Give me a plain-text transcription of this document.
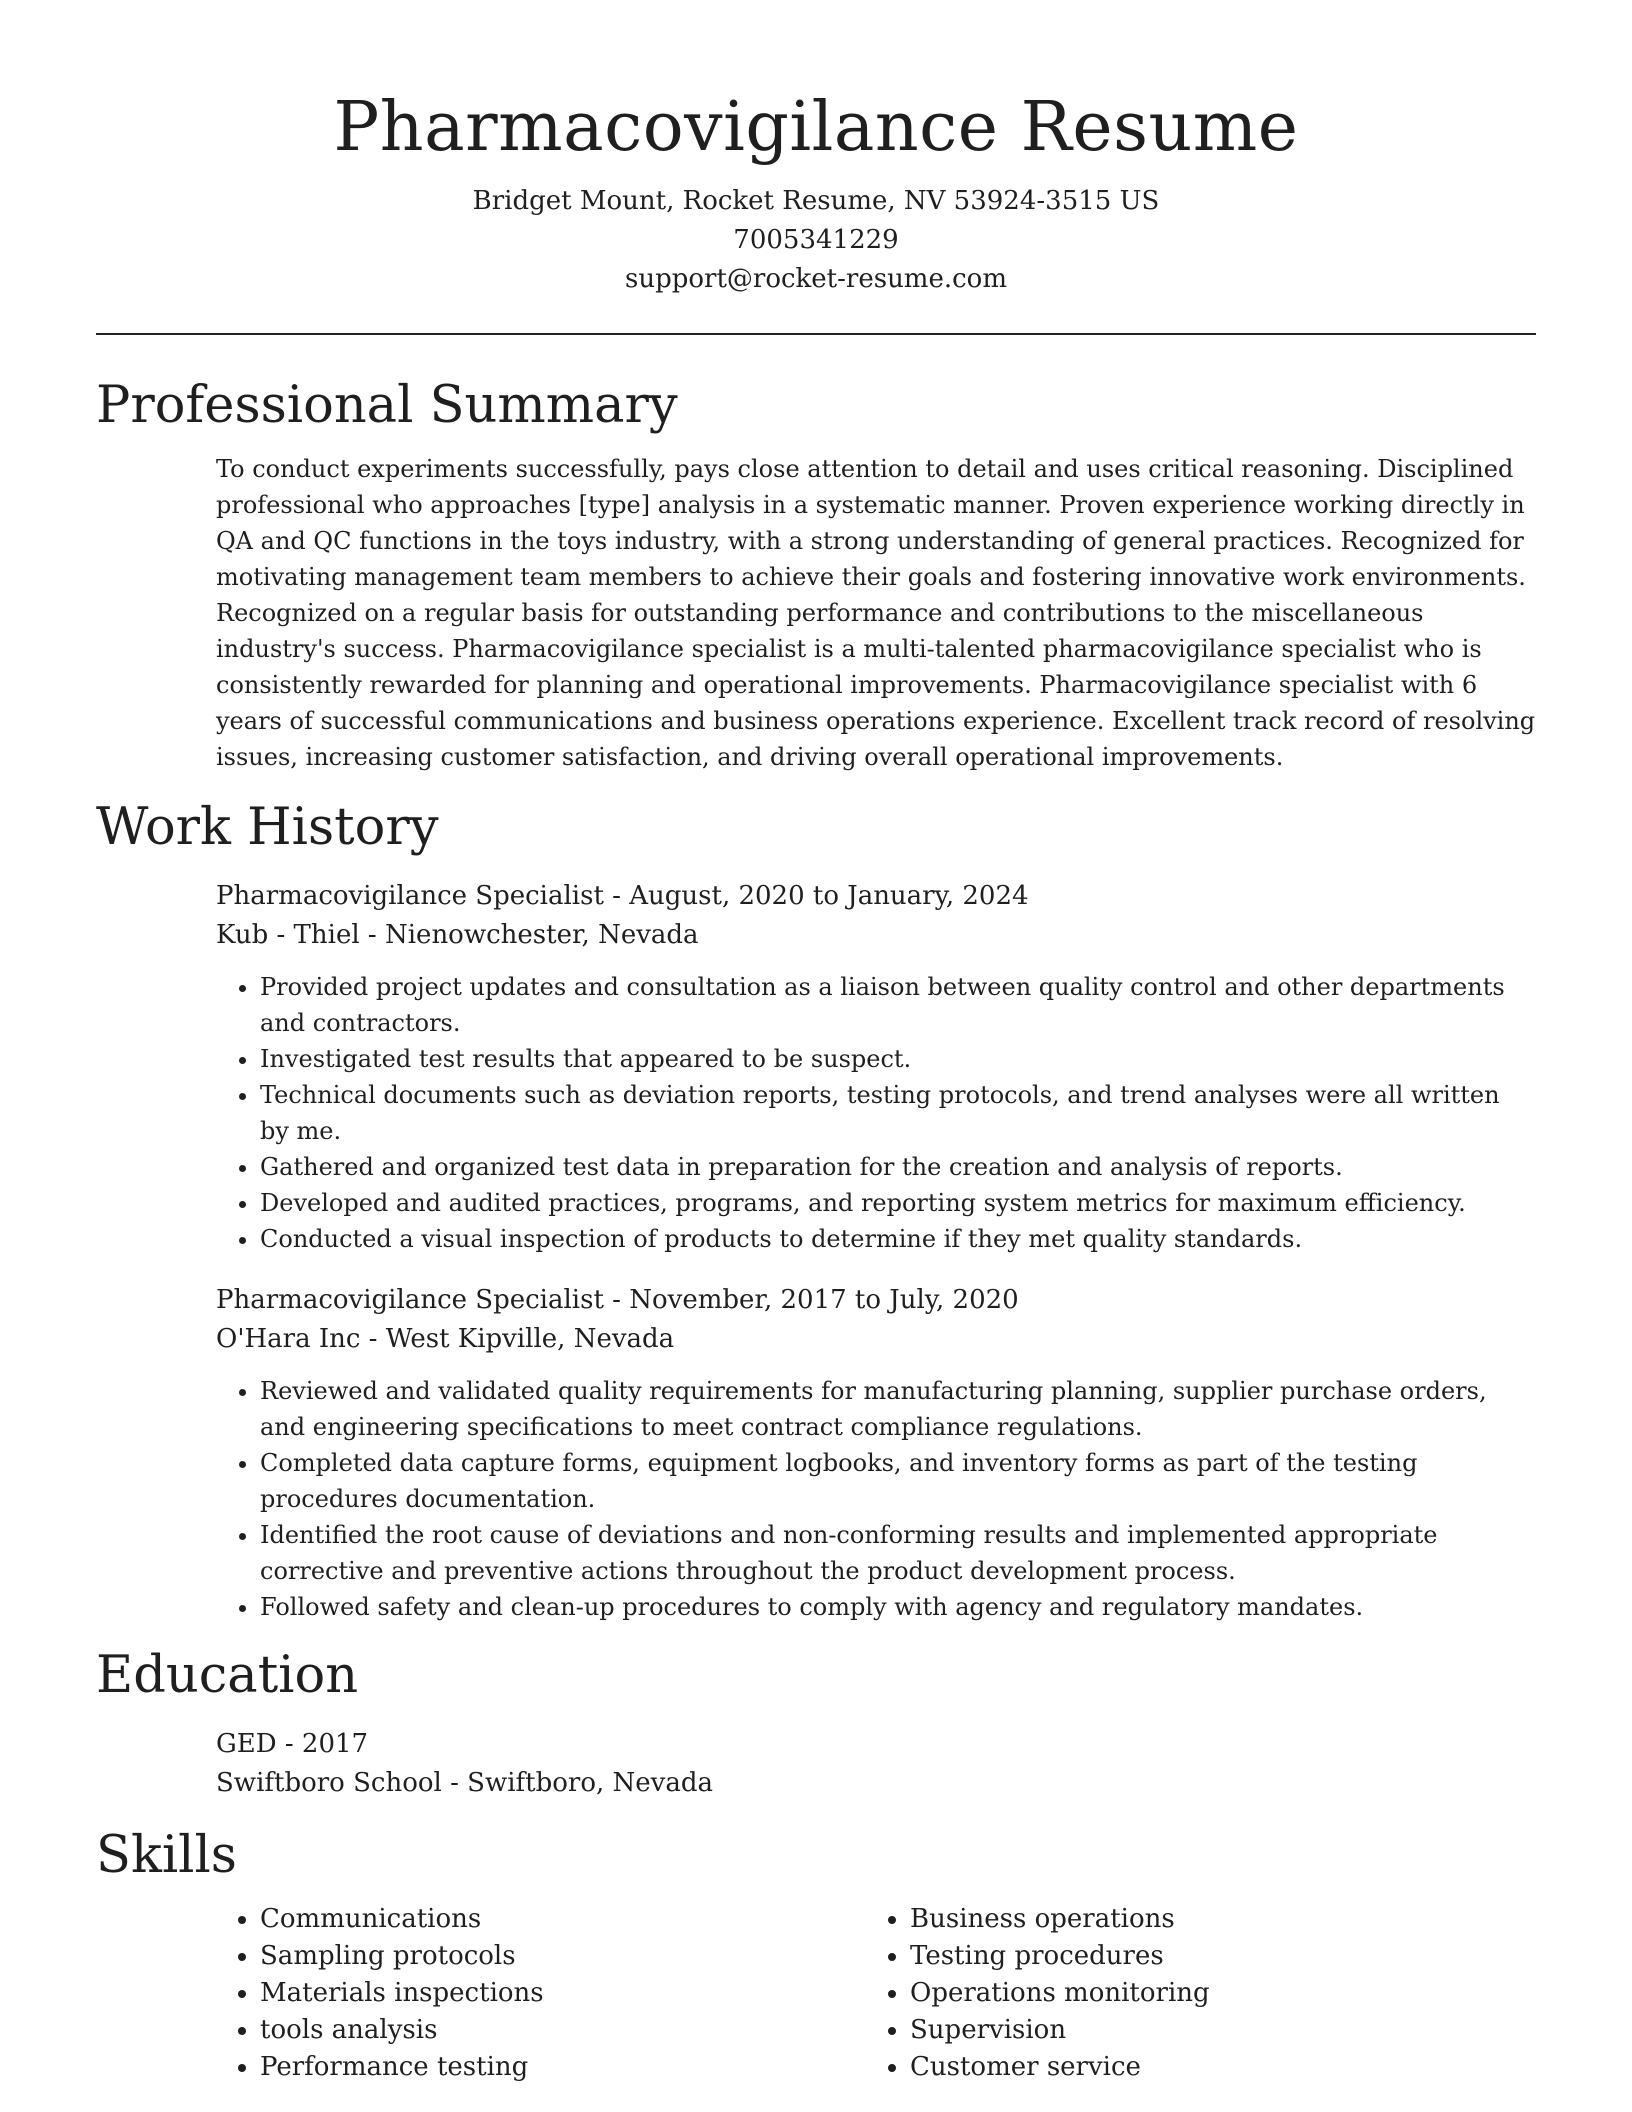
Pharmacovigilance Resume

Bridget Mount, Rocket Resume, NV 53924-3515 US

7005341229

support@rocket-resume.com

Professional Summary

To conduct experiments successfully, pays close attention to detail and uses critical reasoning. Disciplined professional who approaches [type] analysis in a systematic manner. Proven experience working directly in QA and QC functions in the toys industry, with a strong understanding of general practices. Recognized for motivating management team members to achieve their goals and fostering innovative work environments. Recognized on a regular basis for outstanding performance and contributions to the miscellaneous industry's success. Pharmacovigilance specialist is a multi-talented pharmacovigilance specialist who is consistently rewarded for planning and operational improvements. Pharmacovigilance specialist with 6 years of successful communications and business operations experience. Excellent track record of resolving issues, increasing customer satisfaction, and driving overall operational improvements.

Work History

Pharmacovigilance Specialist - August, 2020 to January, 2024

Kub - Thiel - Nienowchester, Nevada

• Provided project updates and consultation as a liaison between quality control and other departments and contractors.
• Investigated test results that appeared to be suspect.
• Technical documents such as deviation reports, testing protocols, and trend analyses were all written by me.
• Gathered and organized test data in preparation for the creation and analysis of reports.
• Developed and audited practices, programs, and reporting system metrics for maximum efficiency.
• Conducted a visual inspection of products to determine if they met quality standards.

Pharmacovigilance Specialist - November, 2017 to July, 2020

O'Hara Inc - West Kipville, Nevada

• Reviewed and validated quality requirements for manufacturing planning, supplier purchase orders, and engineering specifications to meet contract compliance regulations.
• Completed data capture forms, equipment logbooks, and inventory forms as part of the testing procedures documentation.
• Identified the root cause of deviations and non-conforming results and implemented appropriate corrective and preventive actions throughout the product development process.
• Followed safety and clean-up procedures to comply with agency and regulatory mandates.
Education

GED - 2017

Swiftboro School - Swiftboro, Nevada

Skills
• Communications
• Sampling protocols
• Materials inspections
• tools analysis
• Performance testing
• Business operations
• Testing procedures
• Operations monitoring
• Supervision
• Customer service
